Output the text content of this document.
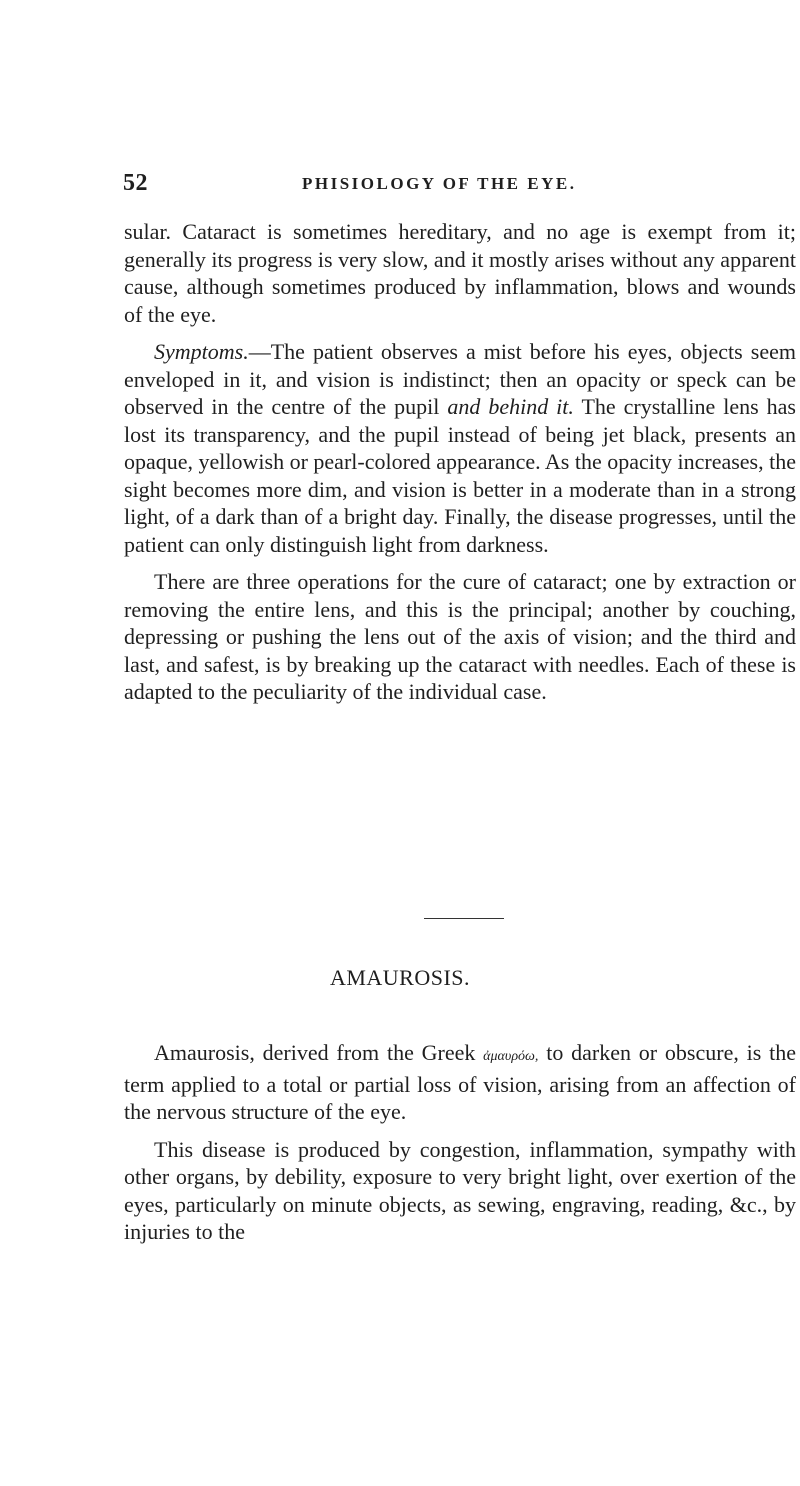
52	PHISIOLOGY OF THE EYE.

sular. Cataract is sometimes hereditary, and no age is exempt from it; generally its progress is very slow, and it mostly arises without any apparent cause, although sometimes produced by inflammation, blows and wounds of the eye.

Symptoms.—The patient observes a mist before his eyes, objects seem enveloped in it, and vision is indistinct; then an opacity or speck can be observed in the centre of the pupil and behind it. The crystalline lens has lost its transparency, and the pupil instead of being jet black, presents an opaque, yellowish or pearl-colored appearance. As the opacity increases, the sight becomes more dim, and vision is better in a moderate than in a strong light, of a dark than of a bright day. Finally, the disease progresses, until the patient can only distinguish light from darkness.

There are three operations for the cure of cataract; one by extraction or removing the entire lens, and this is the principal; another by couching, depressing or pushing the lens out of the axis of vision; and the third and last, and safest, is by breaking up the cataract with needles. Each of these is adapted to the peculiarity of the individual case.

AMAUROSIS.

Amaurosis, derived from the Greek ἀμαυρόω, to darken or obscure, is the term applied to a total or partial loss of vision, arising from an affection of the nervous structure of the eye.

This disease is produced by congestion, inflammation, sympathy with other organs, by debility, exposure to very bright light, over exertion of the eyes, particularly on minute objects, as sewing, engraving, reading, &c., by injuries to the
